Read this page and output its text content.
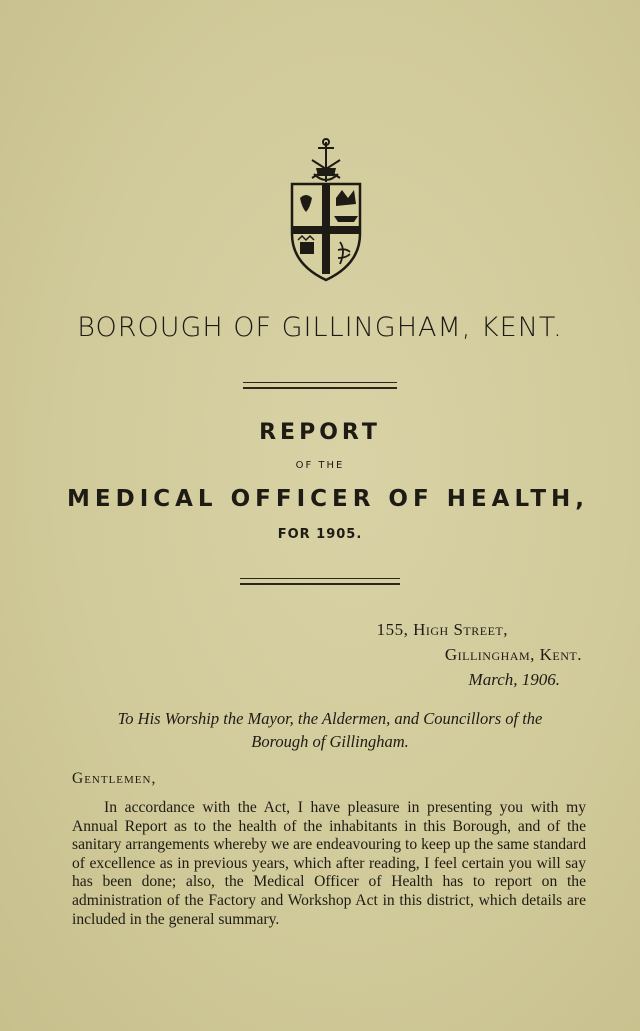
BOROUGH OF GILLINGHAM, KENT.
REPORT
OF THE
MEDICAL OFFICER OF HEALTH,
FOR 1905.
155, High Street,
Gillingham, Kent.
March, 1906.
To His Worship the Mayor, the Aldermen, and Councillors of the
Borough of Gillingham.
Gentlemen,
In accordance with the Act, I have pleasure in presenting you with my Annual Report as to the health of the inhabitants in this Borough, and of the sanitary arrangements whereby we are endeavouring to keep up the same standard of excellence as in previous years, which after reading, I feel certain you will say has been done; also, the Medical Officer of Health has to report on the administration of the Factory and Workshop Act in this district, which details are included in the general summary.
